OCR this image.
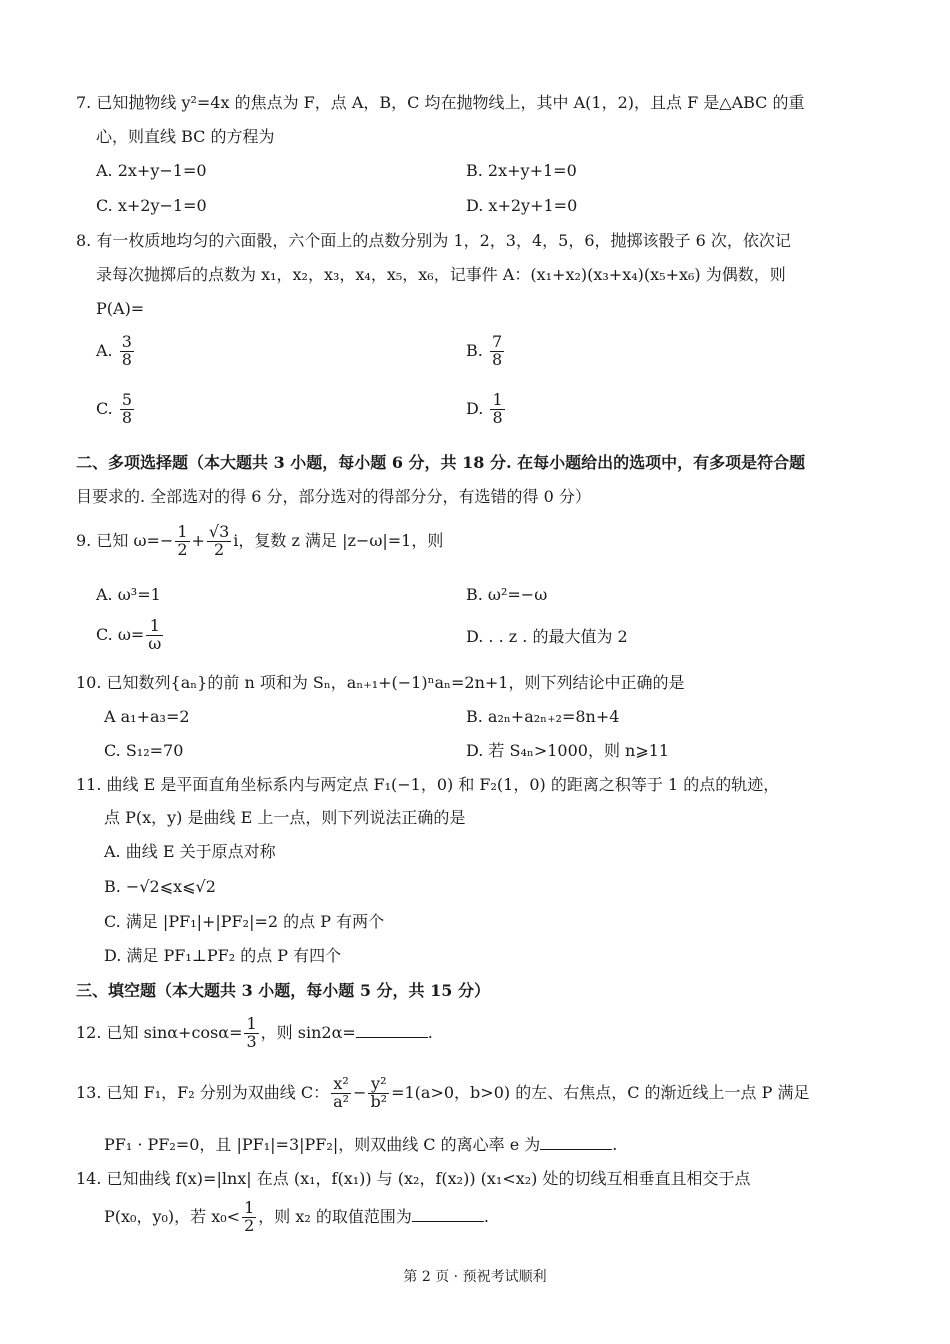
7. 已知抛物线 y²=4x 的焦点为 F，点 A，B，C 均在抛物线上，其中 A(1，2)，且点 F 是△ABC 的重
心，则直线 BC 的方程为
A. 2x+y−1=0	B. 2x+y+1=0
C. x+2y−1=0	D. x+2y+1=0
8. 有一枚质地均匀的六面骰，六个面上的点数分别为 1，2，3，4，5，6，抛掷该骰子 6 次，依次记
录每次抛掷后的点数为 x₁，x₂，x₃，x₄，x₅，x₆，记事件 A：(x₁+x₂)(x₃+x₄)(x₅+x₆) 为偶数，则
P(A)=
A. $\frac{3}{8}$	B. $\frac{7}{8}$
C. $\frac{5}{8}$	D. $\frac{1}{8}$
二、多项选择题（本大题共 3 小题，每小题 6 分，共 18 分. 在每小题给出的选项中，有多项是符合题
目要求的. 全部选对的得 6 分，部分选对的得部分分，有选错的得 0 分）
9. 已知 $\omega=- \frac{1}{2} + \frac{√3}{2}$ i，复数 z 满足 |z−ω|=1，则
A. ω³=1	B. ω²=−ω
C. $\omega= \frac{1}{\omega}$	D. . . z . 的最大值为 2
10. 已知数列{aₙ}的前 n 项和为 Sₙ，aₙ₊₁+(−1)ⁿaₙ=2n+1，则下列结论中正确的是
A a₁+a₃=2	B. a₂ₙ+a₂ₙ₊₂=8n+4
C. S₁₂=70	D. 若 S₄ₙ>1000，则 n⩾11
11. 曲线 E 是平面直角坐标系内与两定点 F₁(−1，0) 和 F₂(1，0) 的距离之积等于 1 的点的轨迹，
点 P(x，y) 是曲线 E 上一点，则下列说法正确的是
A. 曲线 E 关于原点对称
B. −√2⩽x⩽√2
C. 满足 |PF₁|+|PF₂|=2 的点 P 有两个
D. 满足 PF₁⊥PF₂ 的点 P 有四个
三、填空题（本大题共 3 小题，每小题 5 分，共 15 分）
12. 已知 $\sin\alpha+\cos\alpha= \frac{1}{3}$ ，则 sin2α=	.
13. 已知 F₁，F₂ 分别为双曲线 C： $\frac{\text{x²}}{\text{a²}} - \frac{\text{y²}}{\text{b²}} =1(a>0$，b>0) 的左、右焦点，C 的渐近线上一点 P 满足
PF₁ · PF₂=0，且 |PF₁|=3|PF₂|，则双曲线 C 的离心率 e 为	.
14. 已知曲线 f(x)=|lnx| 在点 (x₁，f(x₁)) 与 (x₂，f(x₂)) (x₁<x₂) 处的切线互相垂直且相交于点
P(x₀，y₀)，若 $x_0< \frac{1}{2}$ ，则 x₂ 的取值范围为	.
第 2 页 · 预祝考试顺利
